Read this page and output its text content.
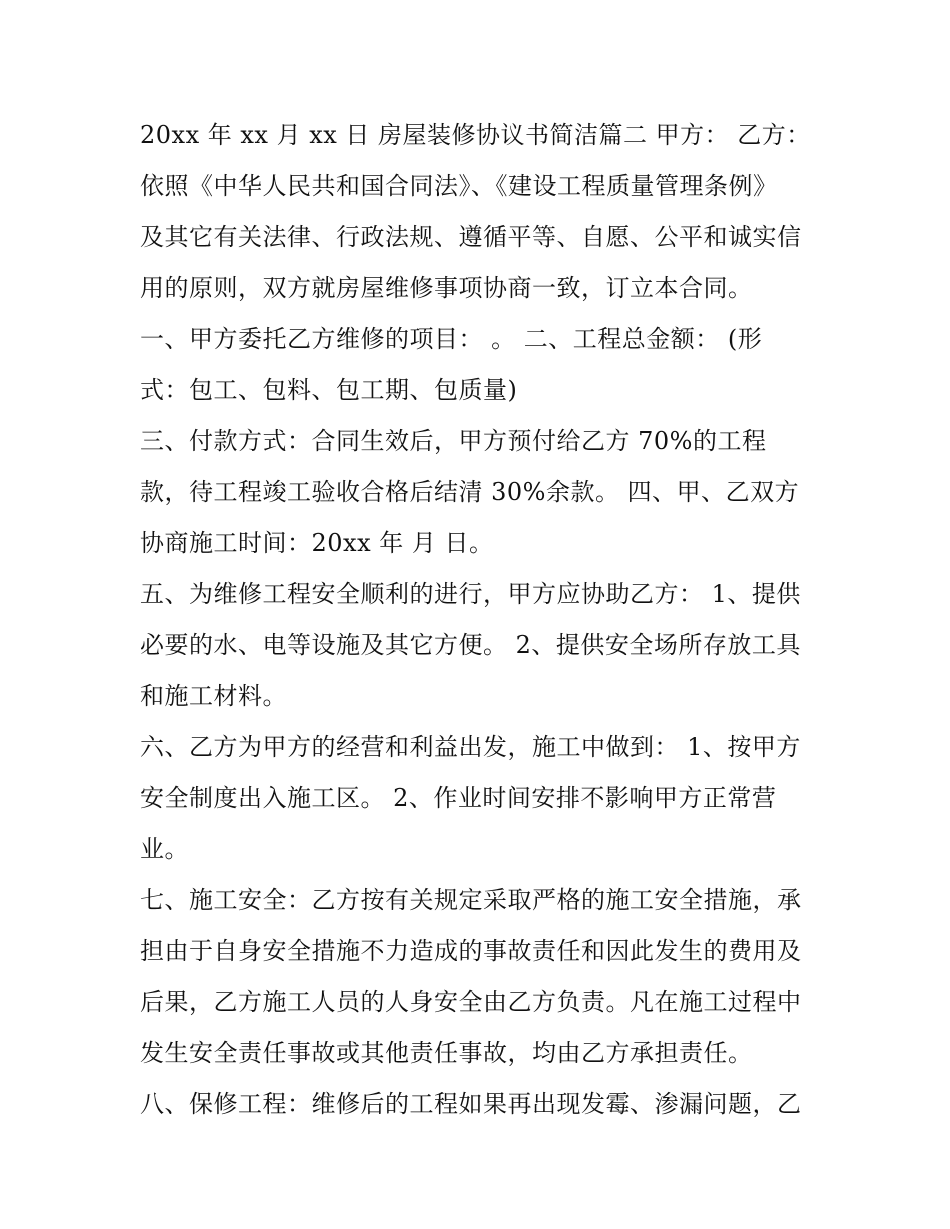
20xx 年 xx 月 xx 日 房屋装修协议书简洁篇二 甲方： 乙方：
依照《中华人民共和国合同法》、《建设工程质量管理条例》
及其它有关法律、行政法规、遵循平等、自愿、公平和诚实信
用的原则，双方就房屋维修事项协商一致，订立本合同。
一、甲方委托乙方维修的项目： 。 二、工程总金额： (形
式：包工、包料、包工期、包质量)
三、付款方式：合同生效后，甲方预付给乙方 70%的工程
款，待工程竣工验收合格后结清 30%余款。 四、甲、乙双方
协商施工时间：20xx 年 月 日。
五、为维修工程安全顺利的进行，甲方应协助乙方： 1、提供
必要的水、电等设施及其它方便。 2、提供安全场所存放工具
和施工材料。
六、乙方为甲方的经营和利益出发，施工中做到： 1、按甲方
安全制度出入施工区。 2、作业时间安排不影响甲方正常营
业。
七、施工安全：乙方按有关规定采取严格的施工安全措施，承
担由于自身安全措施不力造成的事故责任和因此发生的费用及
后果，乙方施工人员的人身安全由乙方负责。凡在施工过程中
发生安全责任事故或其他责任事故，均由乙方承担责任。
八、保修工程：维修后的工程如果再出现发霉、渗漏问题，乙
